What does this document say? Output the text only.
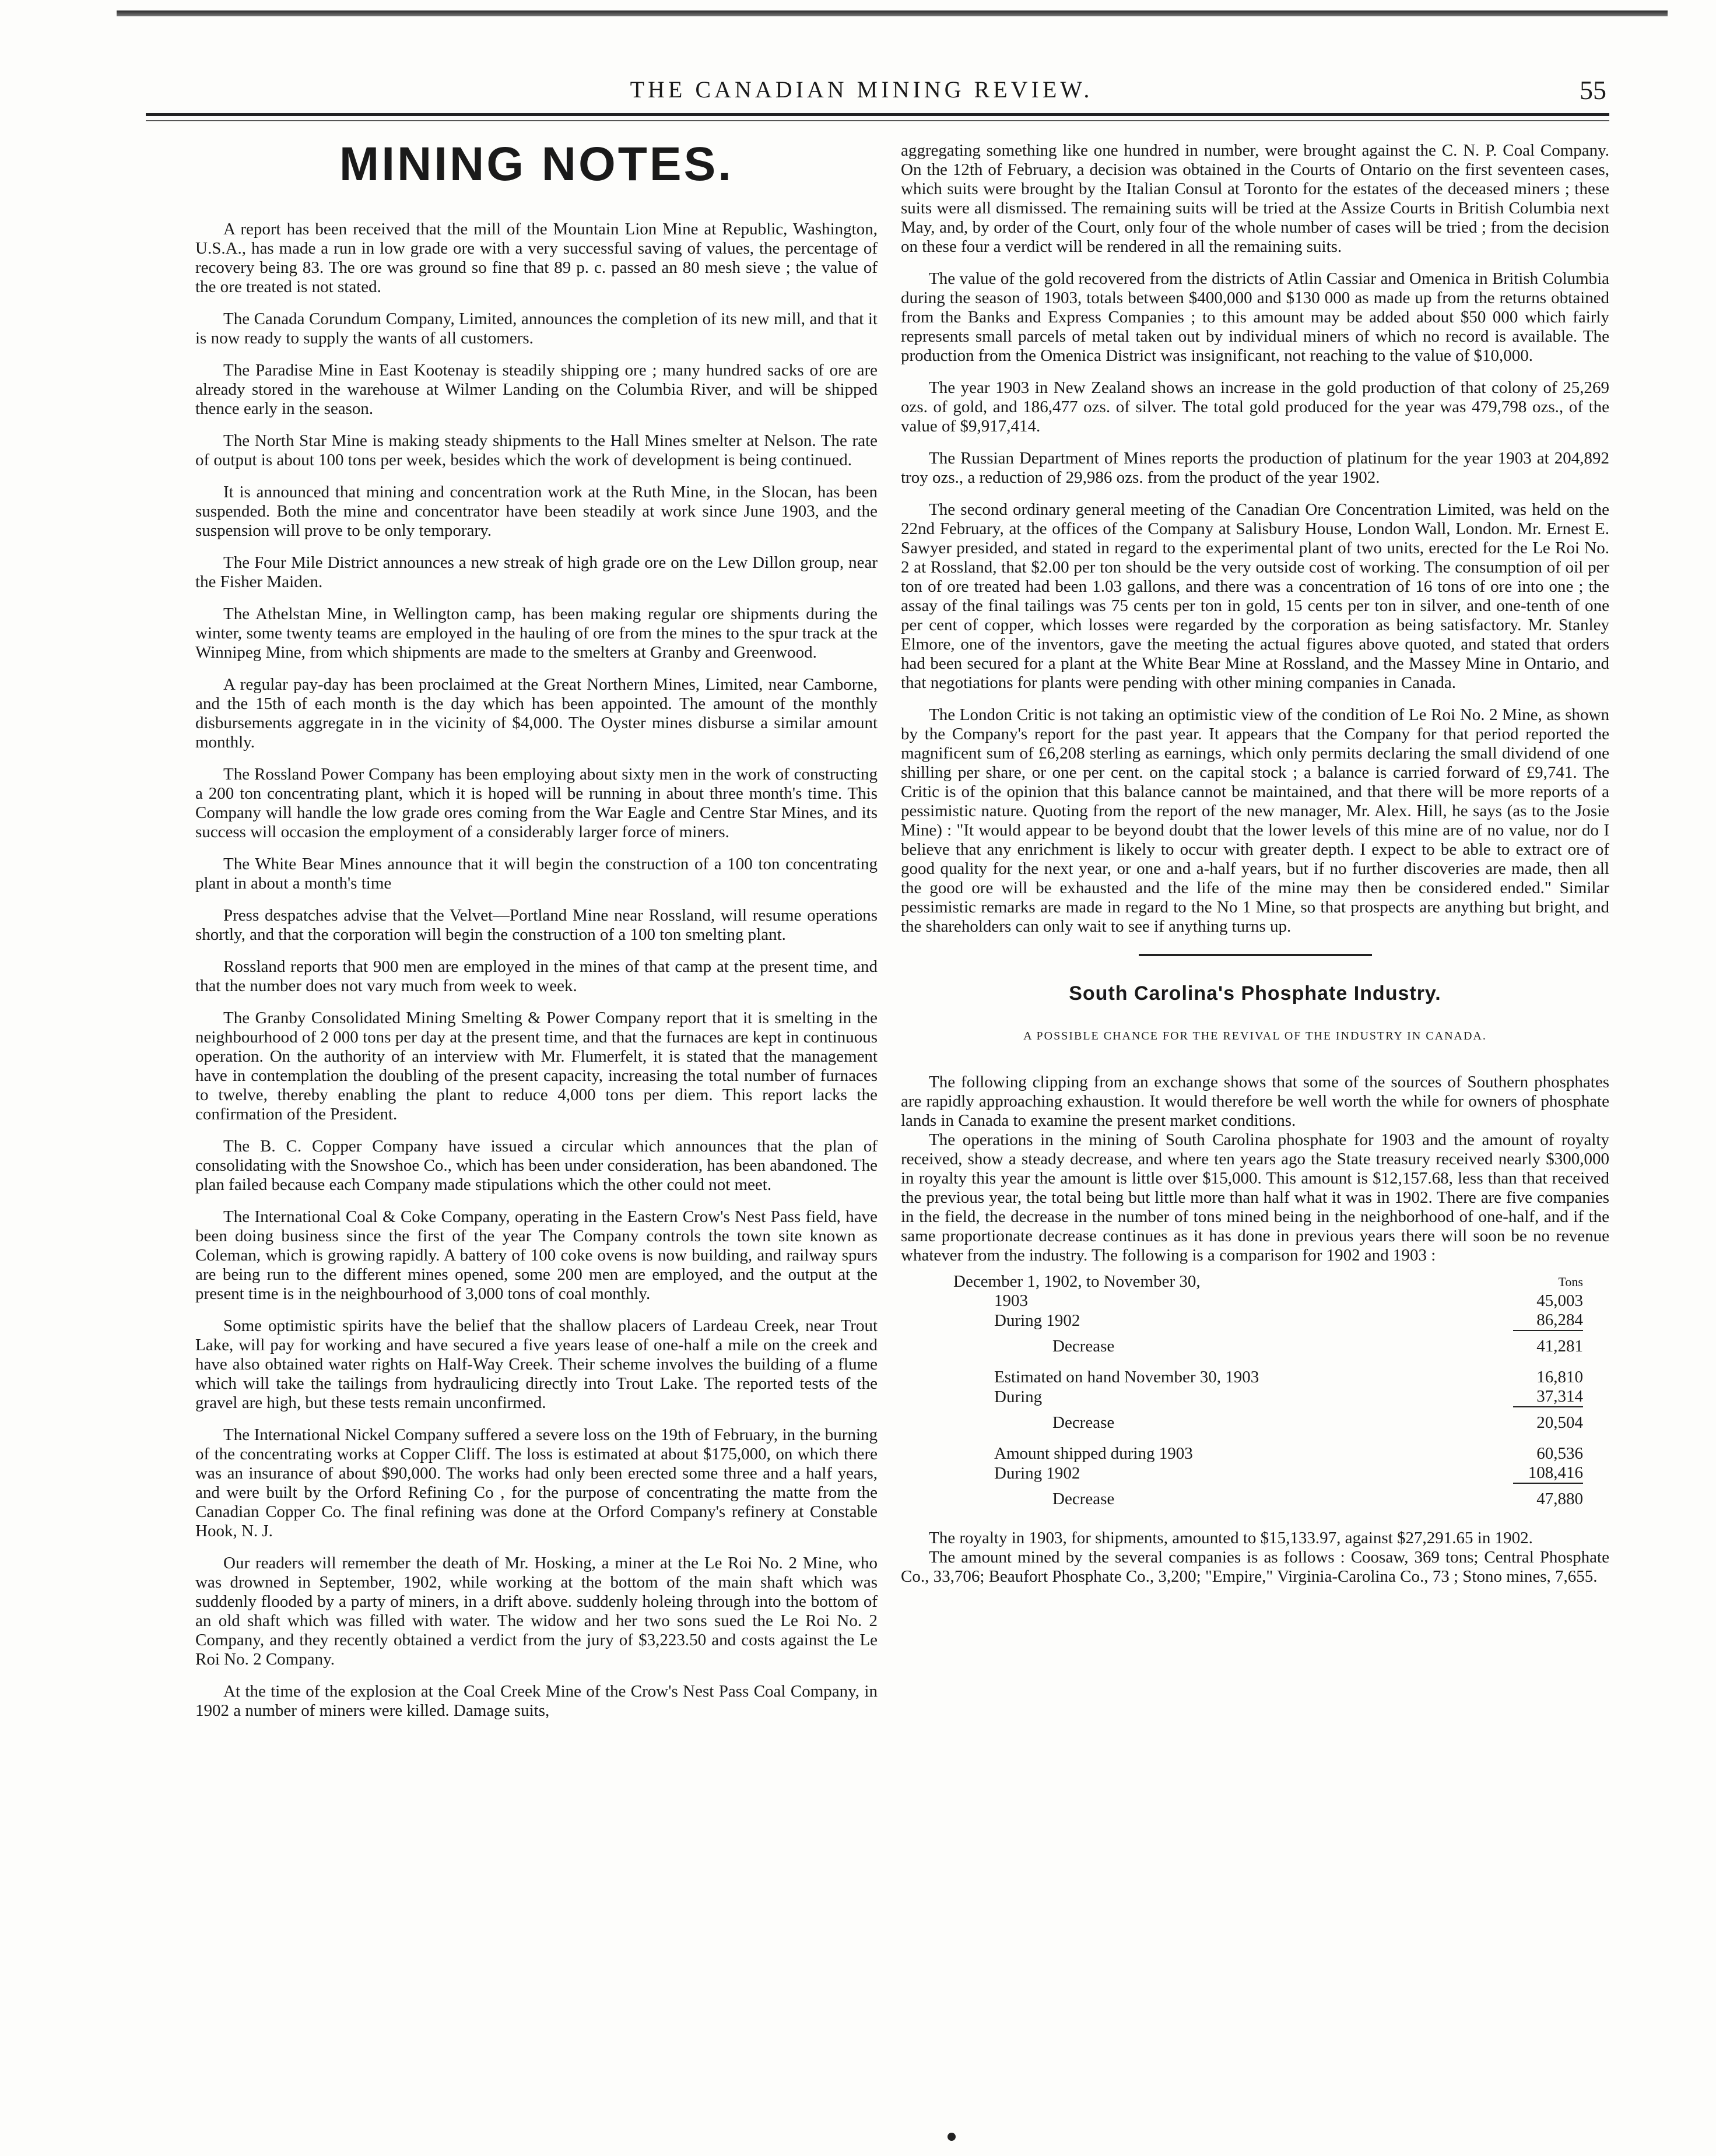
THE CANADIAN MINING REVIEW.	55
MINING NOTES.

A report has been received that the mill of the Mountain Lion Mine at Republic, Washington, U.S.A., has made a run in low grade ore with a very successful saving of values, the percentage of recovery being 83. The ore was ground so fine that 89 p. c. passed an 80 mesh sieve ; the value of the ore treated is not stated.

The Canada Corundum Company, Limited, announces the completion of its new mill, and that it is now ready to supply the wants of all customers.

The Paradise Mine in East Kootenay is steadily shipping ore ; many hundred sacks of ore are already stored in the warehouse at Wilmer Landing on the Columbia River, and will be shipped thence early in the season.

The North Star Mine is making steady shipments to the Hall Mines smelter at Nelson. The rate of output is about 100 tons per week, besides which the work of development is being continued.

It is announced that mining and concentration work at the Ruth Mine, in the Slocan, has been suspended. Both the mine and concentrator have been steadily at work since June 1903, and the suspension will prove to be only temporary.

The Four Mile District announces a new streak of high grade ore on the Lew Dillon group, near the Fisher Maiden.

The Athelstan Mine, in Wellington camp, has been making regular ore shipments during the winter, some twenty teams are employed in the hauling of ore from the mines to the spur track at the Winnipeg Mine, from which shipments are made to the smelters at Granby and Greenwood.

A regular pay-day has been proclaimed at the Great Northern Mines, Limited, near Camborne, and the 15th of each month is the day which has been appointed. The amount of the monthly disbursements aggregate in in the vicinity of $4,000. The Oyster mines disburse a similar amount monthly.

The Rossland Power Company has been employing about sixty men in the work of constructing a 200 ton concentrating plant, which it is hoped will be running in about three month's time. This Company will handle the low grade ores coming from the War Eagle and Centre Star Mines, and its success will occasion the employment of a considerably larger force of miners.

The White Bear Mines announce that it will begin the construction of a 100 ton concentrating plant in about a month's time

Press despatches advise that the Velvet—Portland Mine near Rossland, will resume operations shortly, and that the corporation will begin the construction of a 100 ton smelting plant.

Rossland reports that 900 men are employed in the mines of that camp at the present time, and that the number does not vary much from week to week.

The Granby Consolidated Mining Smelting & Power Company report that it is smelting in the neighbourhood of 2 000 tons per day at the present time, and that the furnaces are kept in continuous operation. On the authority of an interview with Mr. Flumerfelt, it is stated that the management have in contemplation the doubling of the present capacity, increasing the total number of furnaces to twelve, thereby enabling the plant to reduce 4,000 tons per diem. This report lacks the confirmation of the President.

The B. C. Copper Company have issued a circular which announces that the plan of consolidating with the Snowshoe Co., which has been under consideration, has been abandoned. The plan failed because each Company made stipulations which the other could not meet.

The International Coal & Coke Company, operating in the Eastern Crow's Nest Pass field, have been doing business since the first of the year The Company controls the town site known as Coleman, which is growing rapidly. A battery of 100 coke ovens is now building, and railway spurs are being run to the different mines opened, some 200 men are employed, and the output at the present time is in the neighbourhood of 3,000 tons of coal monthly.

Some optimistic spirits have the belief that the shallow placers of Lardeau Creek, near Trout Lake, will pay for working and have secured a five years lease of one-half a mile on the creek and have also obtained water rights on Half-Way Creek. Their scheme involves the building of a flume which will take the tailings from hydraulicing directly into Trout Lake. The reported tests of the gravel are high, but these tests remain unconfirmed.

The International Nickel Company suffered a severe loss on the 19th of February, in the burning of the concentrating works at Copper Cliff. The loss is estimated at about $175,000, on which there was an insurance of about $90,000. The works had only been erected some three and a half years, and were built by the Orford Refining Co , for the purpose of concentrating the matte from the Canadian Copper Co. The final refining was done at the Orford Company's refinery at Constable Hook, N. J.

Our readers will remember the death of Mr. Hosking, a miner at the Le Roi No. 2 Mine, who was drowned in September, 1902, while working at the bottom of the main shaft which was suddenly flooded by a party of miners, in a drift above. suddenly holeing through into the bottom of an old shaft which was filled with water. The widow and her two sons sued the Le Roi No. 2 Company, and they recently obtained a verdict from the jury of $3,223.50 and costs against the Le Roi No. 2 Company.

At the time of the explosion at the Coal Creek Mine of the Crow's Nest Pass Coal Company, in 1902 a number of miners were killed. Damage suits,

aggregating something like one hundred in number, were brought against the C. N. P. Coal Company. On the 12th of February, a decision was obtained in the Courts of Ontario on the first seventeen cases, which suits were brought by the Italian Consul at Toronto for the estates of the deceased miners ; these suits were all dismissed. The remaining suits will be tried at the Assize Courts in British Columbia next May, and, by order of the Court, only four of the whole number of cases will be tried ; from the decision on these four a verdict will be rendered in all the remaining suits.

The value of the gold recovered from the districts of Atlin Cassiar and Omenica in British Columbia during the season of 1903, totals between $400,000 and $130 000 as made up from the returns obtained from the Banks and Express Companies ; to this amount may be added about $50 000 which fairly represents small parcels of metal taken out by individual miners of which no record is available. The production from the Omenica District was insignificant, not reaching to the value of $10,000.

The year 1903 in New Zealand shows an increase in the gold production of that colony of 25,269 ozs. of gold, and 186,477 ozs. of silver. The total gold produced for the year was 479,798 ozs., of the value of $9,917,414.

The Russian Department of Mines reports the production of platinum for the year 1903 at 204,892 troy ozs., a reduction of 29,986 ozs. from the product of the year 1902.

The second ordinary general meeting of the Canadian Ore Concentration Limited, was held on the 22nd February, at the offices of the Company at Salisbury House, London Wall, London. Mr. Ernest E. Sawyer presided, and stated in regard to the experimental plant of two units, erected for the Le Roi No. 2 at Rossland, that $2.00 per ton should be the very outside cost of working. The consumption of oil per ton of ore treated had been 1.03 gallons, and there was a concentration of 16 tons of ore into one ; the assay of the final tailings was 75 cents per ton in gold, 15 cents per ton in silver, and one-tenth of one per cent of copper, which losses were regarded by the corporation as being satisfactory. Mr. Stanley Elmore, one of the inventors, gave the meeting the actual figures above quoted, and stated that orders had been secured for a plant at the White Bear Mine at Rossland, and the Massey Mine in Ontario, and that negotiations for plants were pending with other mining companies in Canada.

The London Critic is not taking an optimistic view of the condition of Le Roi No. 2 Mine, as shown by the Company's report for the past year. It appears that the Company for that period reported the magnificent sum of £6,208 sterling as earnings, which only permits declaring the small dividend of one shilling per share, or one per cent. on the capital stock ; a balance is carried forward of £9,741. The Critic is of the opinion that this balance cannot be maintained, and that there will be more reports of a pessimistic nature. Quoting from the report of the new manager, Mr. Alex. Hill, he says (as to the Josie Mine) : "It would appear to be beyond doubt that the lower levels of this mine are of no value, nor do I believe that any enrichment is likely to occur with greater depth. I expect to be able to extract ore of good quality for the next year, or one and a-half years, but if no further discoveries are made, then all the good ore will be exhausted and the life of the mine may then be considered ended." Similar pessimistic remarks are made in regard to the No 1 Mine, so that prospects are anything but bright, and the shareholders can only wait to see if anything turns up.

South Carolina's Phosphate Industry.
A POSSIBLE CHANCE FOR THE REVIVAL OF THE INDUSTRY IN CANADA.

The following clipping from an exchange shows that some of the sources of Southern phosphates are rapidly approaching exhaustion. It would therefore be well worth the while for owners of phosphate lands in Canada to examine the present market conditions.

The operations in the mining of South Carolina phosphate for 1903 and the amount of royalty received, show a steady decrease, and where ten years ago the State treasury received nearly $300,000 in royalty this year the amount is little over $15,000. This amount is $12,157.68, less than that received the previous year, the total being but little more than half what it was in 1902. There are five companies in the field, the decrease in the number of tons mined being in the neighborhood of one-half, and if the same proportionate decrease continues as it has done in previous years there will soon be no revenue whatever from the industry. The following is a comparison for 1902 and 1903 :

December 1, 1902, to November 30,	Tons
1903	45,003
During 1902	86,284
Decrease	41,281
Estimated on hand November 30, 1903	16,810
During	37,314
Decrease	20,504
Amount shipped during 1903	60,536
During 1902	108,416
Decrease	47,880

The royalty in 1903, for shipments, amounted to $15,133.97, against $27,291.65 in 1902.

The amount mined by the several companies is as follows : Coosaw, 369 tons; Central Phosphate Co., 33,706; Beaufort Phosphate Co., 3,200; "Empire," Virginia-Carolina Co., 73 ; Stono mines, 7,655.
